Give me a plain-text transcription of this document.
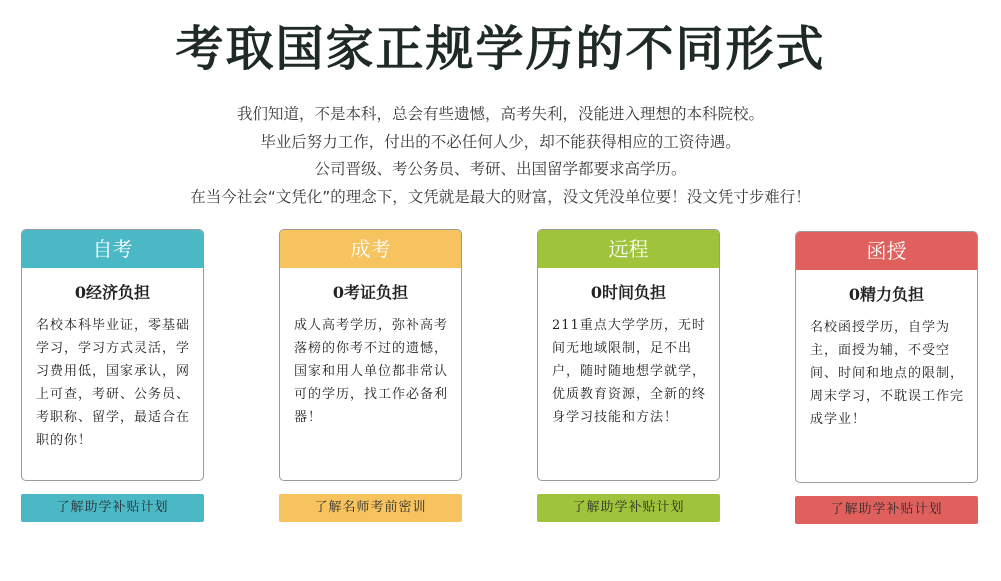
考取国家正规学历的不同形式

我们知道，不是本科，总会有些遗憾，高考失利，没能进入理想的本科院校。

毕业后努力工作，付出的不必任何人少，却不能获得相应的工资待遇。

公司晋级、考公务员、考研、出国留学都要求高学历。

在当今社会“文凭化”的理念下，文凭就是最大的财富，没文凭没单位要！没文凭寸步难行！

自考
0经济负担
名校本科毕业证，零基础学习，学习方式灵活，学习费用低，国家承认，网上可查，考研、公务员、考职称、留学，最适合在职的你！
了解助学补贴计划
成考
0考证负担
成人高考学历，弥补高考落榜的你考不过的遗憾，国家和用人单位都非常认可的学历，找工作必备利器！
了解名师考前密训
远程
0时间负担
211重点大学学历，无时间无地域限制，足不出户，随时随地想学就学，优质教育资源，全新的终身学习技能和方法！
了解助学补贴计划
函授
0精力负担
名校函授学历，自学为主，面授为辅，不受空间、时间和地点的限制，周末学习，不耽误工作完成学业！
了解助学补贴计划
